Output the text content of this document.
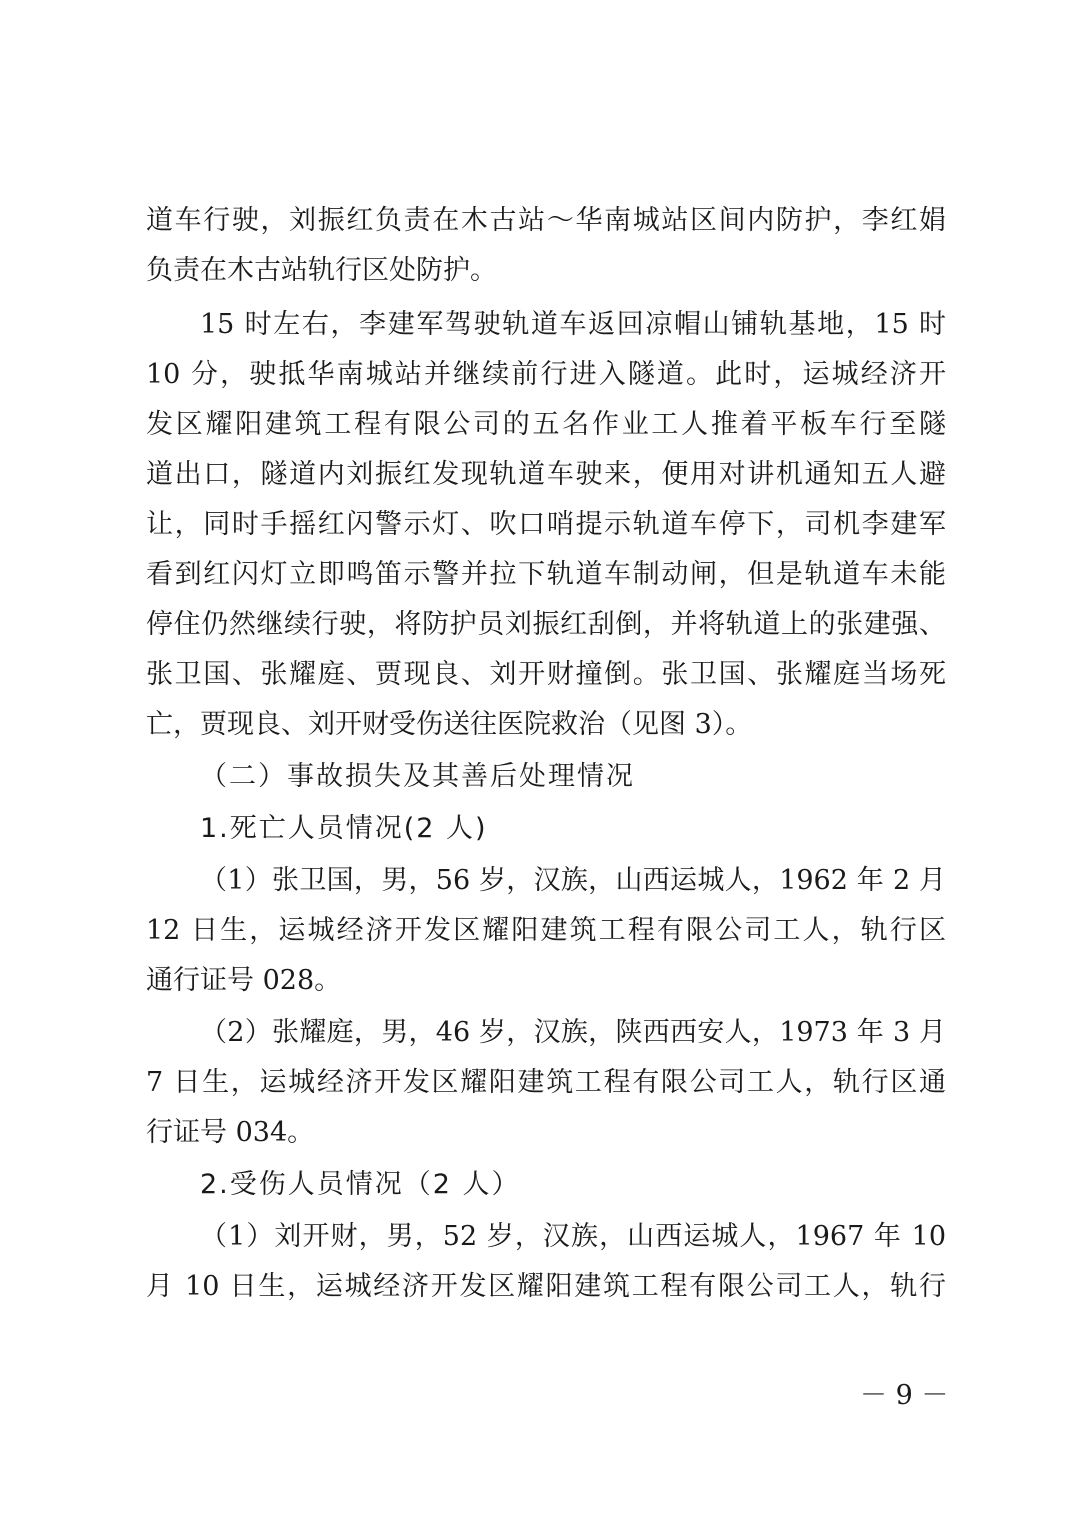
道车行驶，刘振红负责在木古站～华南城站区间内防护，李红娟
负责在木古站轨行区处防护。
15 时左右，李建军驾驶轨道车返回凉帽山铺轨基地，15 时
10 分，驶抵华南城站并继续前行进入隧道。此时，运城经济开
发区耀阳建筑工程有限公司的五名作业工人推着平板车行至隧
道出口，隧道内刘振红发现轨道车驶来，便用对讲机通知五人避
让，同时手摇红闪警示灯、吹口哨提示轨道车停下，司机李建军
看到红闪灯立即鸣笛示警并拉下轨道车制动闸，但是轨道车未能
停住仍然继续行驶，将防护员刘振红刮倒，并将轨道上的张建强、
张卫国、张耀庭、贾现良、刘开财撞倒。张卫国、张耀庭当场死
亡，贾现良、刘开财受伤送往医院救治（见图 3）。
（二）事故损失及其善后处理情况
1.死亡人员情况(2 人)
（1）张卫国，男，56 岁，汉族，山西运城人，1962 年 2 月
12 日生，运城经济开发区耀阳建筑工程有限公司工人，轨行区
通行证号 028。
（2）张耀庭，男，46 岁，汉族，陕西西安人，1973 年 3 月
7 日生，运城经济开发区耀阳建筑工程有限公司工人，轨行区通
行证号 034。
2.受伤人员情况（2 人）
（1）刘开财，男，52 岁，汉族，山西运城人，1967 年 10
月 10 日生，运城经济开发区耀阳建筑工程有限公司工人，轨行
－ 9 －
